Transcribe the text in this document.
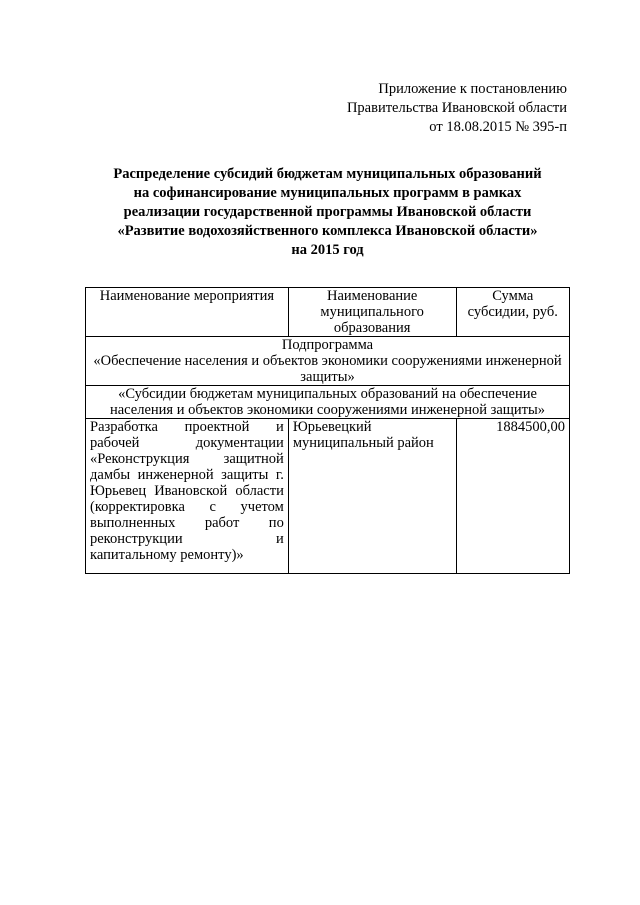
Приложение к постановлению
Правительства Ивановской области
от 18.08.2015 № 395-п
Распределение субсидий бюджетам муниципальных образований
на софинансирование муниципальных программ в рамках
реализации государственной программы Ивановской области
«Развитие водохозяйственного комплекса Ивановской области»
на 2015 год
Наименование мероприятия	Наименование муниципального образования	Сумма субсидии, руб.

Подпрограмма
«Обеспечение населения и объектов экономики сооружениями инженерной защиты»		

«Субсидии бюджетам муниципальных образований на обеспечение населения и объектов экономики сооружениями инженерной защиты»		
Разработка проектной и рабочей документации «Реконструкция защитной дамбы инженерной защиты г. Юрьевец Ивановской области (корректировка с учетом выполненных работ по реконструкции и капитальному ремонту)»	Юрьевецкий муниципальный район	1884500,00
